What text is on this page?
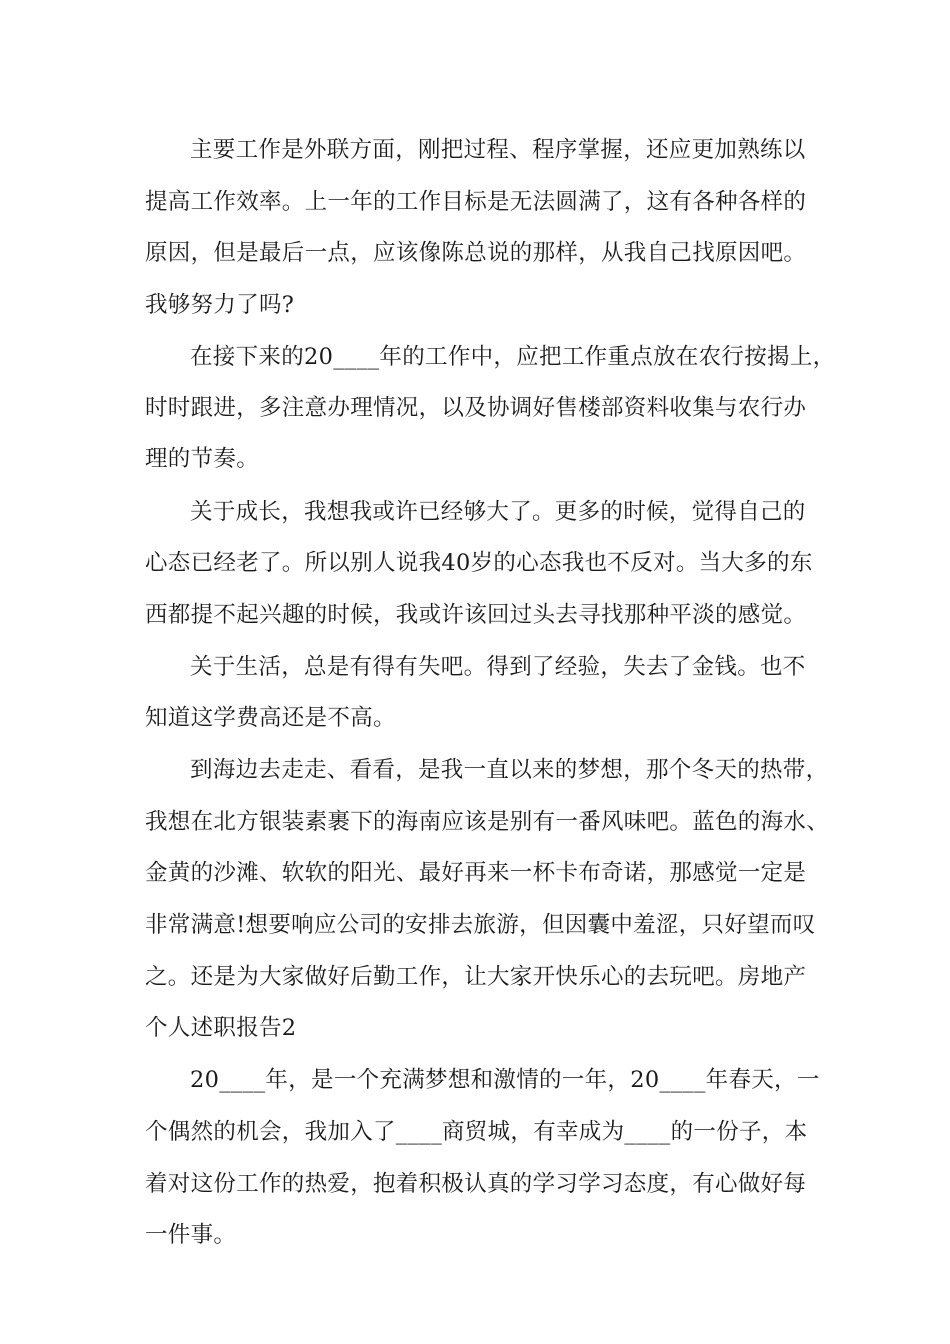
主要工作是外联方面，刚把过程、程序掌握，还应更加熟练以
提高工作效率。上一年的工作目标是无法圆满了，这有各种各样的
原因，但是最后一点，应该像陈总说的那样，从我自己找原因吧。
我够努力了吗?
在接下来的20____年的工作中，应把工作重点放在农行按揭上，
时时跟进，多注意办理情况，以及协调好售楼部资料收集与农行办
理的节奏。
关于成长，我想我或许已经够大了。更多的时候，觉得自己的
心态已经老了。所以别人说我40岁的心态我也不反对。当大多的东
西都提不起兴趣的时候，我或许该回过头去寻找那种平淡的感觉。
关于生活，总是有得有失吧。得到了经验，失去了金钱。也不
知道这学费高还是不高。
到海边去走走、看看，是我一直以来的梦想，那个冬天的热带，
我想在北方银装素裹下的海南应该是别有一番风味吧。蓝色的海水、
金黄的沙滩、软软的阳光、最好再来一杯卡布奇诺，那感觉一定是
非常满意!想要响应公司的安排去旅游，但因囊中羞涩，只好望而叹
之。还是为大家做好后勤工作，让大家开快乐心的去玩吧。房地产
个人述职报告2
20____年，是一个充满梦想和激情的一年，20____年春天，一
个偶然的机会，我加入了____商贸城，有幸成为____的一份子，本
着对这份工作的热爱，抱着积极认真的学习学习态度，有心做好每
一件事。
